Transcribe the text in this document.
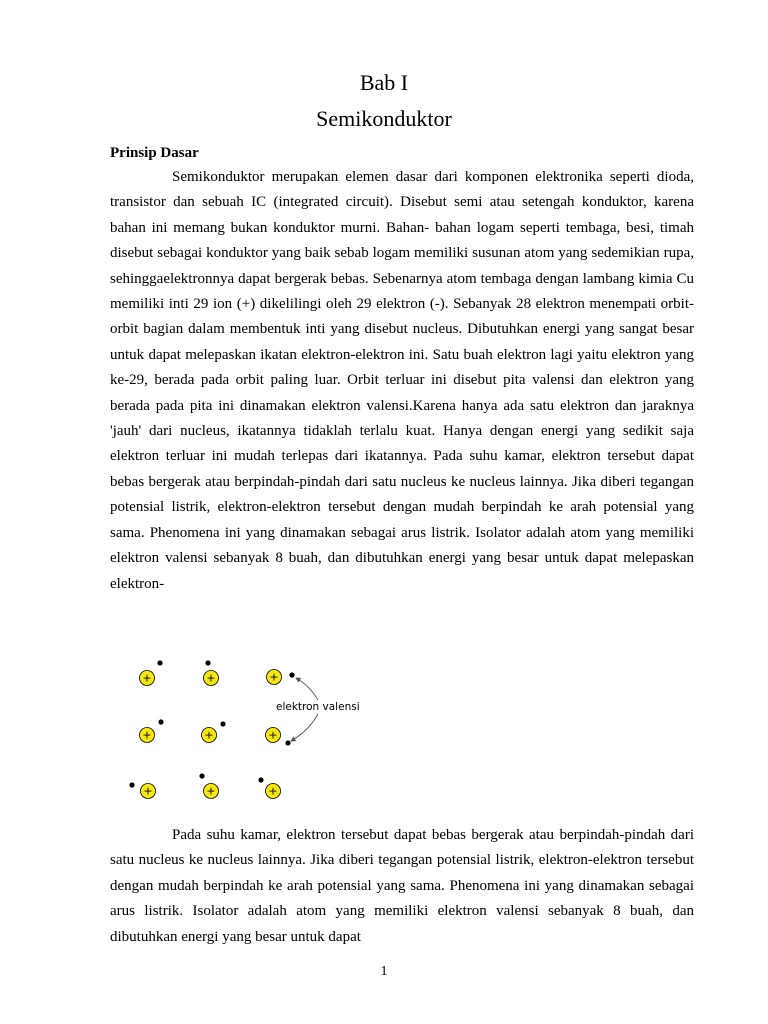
Bab I
Semikonduktor
Prinsip Dasar

Semikonduktor merupakan elemen dasar dari komponen elektronika seperti dioda, transistor dan sebuah IC (integrated circuit). Disebut semi atau setengah konduktor, karena bahan ini memang bukan konduktor murni. Bahan- bahan logam seperti tembaga, besi, timah disebut sebagai konduktor yang baik sebab logam memiliki susunan atom yang sedemikian rupa, sehinggaelektronnya dapat bergerak bebas. Sebenarnya atom tembaga dengan lambang kimia Cu memiliki inti 29 ion (+) dikelilingi oleh 29 elektron (-). Sebanyak 28 elektron menempati orbit-orbit bagian dalam membentuk inti yang disebut nucleus. Dibutuhkan energi yang sangat besar untuk dapat melepaskan ikatan elektron-elektron ini. Satu buah elektron lagi yaitu elektron yang ke-29, berada pada orbit paling luar. Orbit terluar ini disebut pita valensi dan elektron yang berada pada pita ini dinamakan elektron valensi.Karena hanya ada satu elektron dan jaraknya 'jauh' dari nucleus, ikatannya tidaklah terlalu kuat. Hanya dengan energi yang sedikit saja elektron terluar ini mudah terlepas dari ikatannya. Pada suhu kamar, elektron tersebut dapat bebas bergerak atau berpindah-pindah dari satu nucleus ke nucleus lainnya. Jika diberi tegangan potensial listrik, elektron-elektron tersebut dengan mudah berpindah ke arah potensial yang sama. Phenomena ini yang dinamakan sebagai arus listrik. Isolator adalah atom yang memiliki elektron valensi sebanyak 8 buah, dan dibutuhkan energi yang besar untuk dapat melepaskan elektron-

+	+	+
+	+	+
+	+	+
elektron valensi

Pada suhu kamar, elektron tersebut dapat bebas bergerak atau berpindah-pindah dari satu nucleus ke nucleus lainnya. Jika diberi tegangan potensial listrik, elektron-elektron tersebut dengan mudah berpindah ke arah potensial yang sama. Phenomena ini yang dinamakan sebagai arus listrik. Isolator adalah atom yang memiliki elektron valensi sebanyak 8 buah, dan dibutuhkan energi yang besar untuk dapat

1
